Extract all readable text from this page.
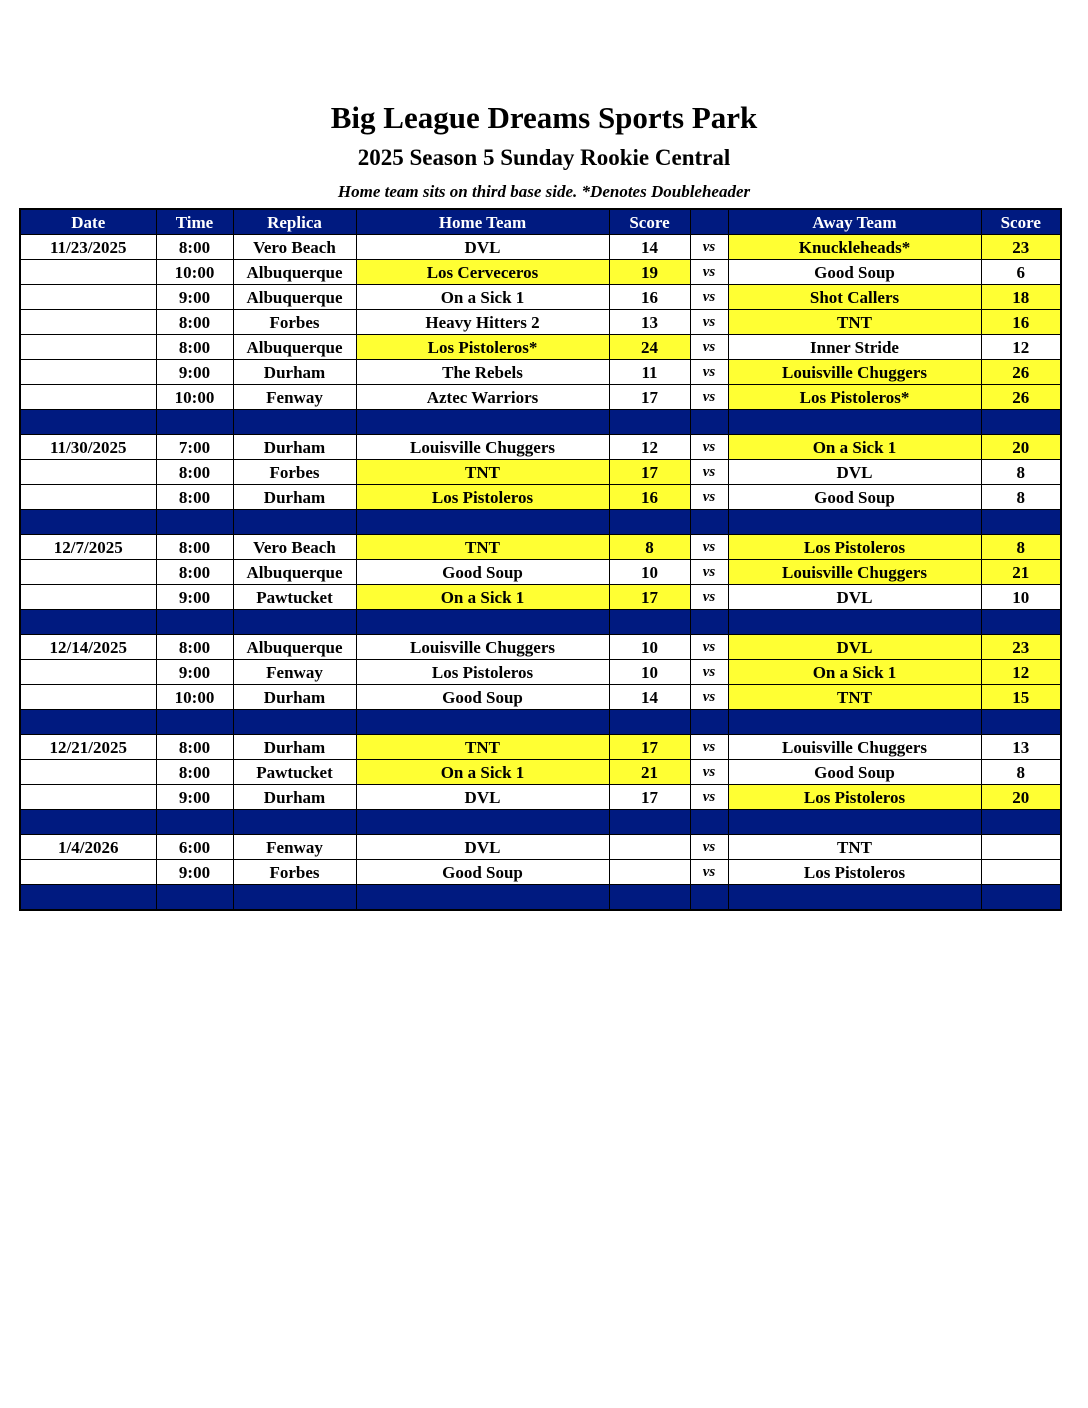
Big League Dreams Sports Park
2025 Season 5 Sunday Rookie Central
Home team sits on third base side. *Denotes Doubleheader
Date	Time	Replica	Home Team	Score		Away Team	Score
11/23/2025	8:00	Vero Beach	DVL	14	vs	Knuckleheads*	23
	10:00	Albuquerque	Los Cerveceros	19	vs	Good Soup	6
	9:00	Albuquerque	On a Sick 1	16	vs	Shot Callers	18
	8:00	Forbes	Heavy Hitters 2	13	vs	TNT	16
	8:00	Albuquerque	Los Pistoleros*	24	vs	Inner Stride	12
	9:00	Durham	The Rebels	11	vs	Louisville Chuggers	26
	10:00	Fenway	Aztec Warriors	17	vs	Los Pistoleros*	26

11/30/2025	7:00	Durham	Louisville Chuggers	12	vs	On a Sick 1	20
	8:00	Forbes	TNT	17	vs	DVL	8
	8:00	Durham	Los Pistoleros	16	vs	Good Soup	8

12/7/2025	8:00	Vero Beach	TNT	8	vs	Los Pistoleros	8
	8:00	Albuquerque	Good Soup	10	vs	Louisville Chuggers	21
	9:00	Pawtucket	On a Sick 1	17	vs	DVL	10

12/14/2025	8:00	Albuquerque	Louisville Chuggers	10	vs	DVL	23
	9:00	Fenway	Los Pistoleros	10	vs	On a Sick 1	12
	10:00	Durham	Good Soup	14	vs	TNT	15

12/21/2025	8:00	Durham	TNT	17	vs	Louisville Chuggers	13
	8:00	Pawtucket	On a Sick 1	21	vs	Good Soup	8
	9:00	Durham	DVL	17	vs	Los Pistoleros	20

1/4/2026	6:00	Fenway	DVL		vs	TNT	
	9:00	Forbes	Good Soup		vs	Los Pistoleros	
